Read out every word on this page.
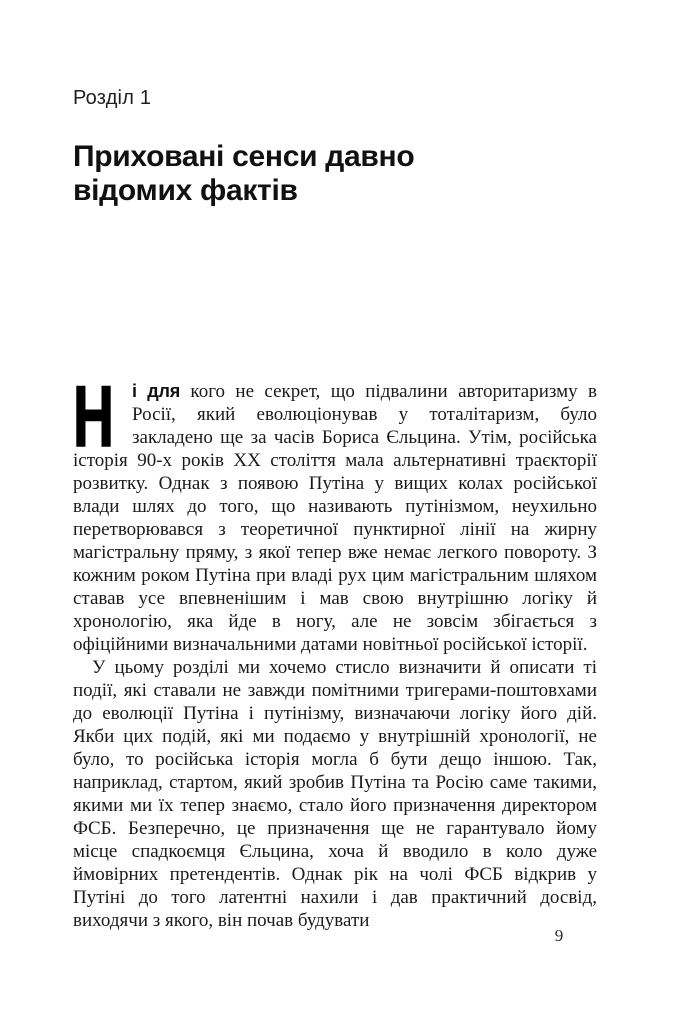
Розділ 1
Приховані сенси давно відомих фактів

Н і для кого не секрет, що підвалини авторитаризму в Росії, який еволюціонував у тоталітаризм, було закладено ще за часів Бориса Єльцина. Утім, російська історія 90-х років XX століття мала альтернативні траєкторії розвитку. Однак з появою Путіна у вищих колах російської влади шлях до того, що називають путінізмом, неухильно перетворювався з теоретичної пунктирної лінії на жирну магістральну пряму, з якої тепер вже немає легкого повороту. З кожним роком Путіна при владі рух цим магістральним шляхом ставав усе впевненішим і мав свою внутрішню логіку й хронологію, яка йде в ногу, але не зовсім збігається з офіційними визначальними датами новітньої російської історії.

У цьому розділі ми хочемо стисло визначити й описати ті події, які ставали не завжди помітними тригерами-поштовхами до еволюції Путіна і путінізму, визначаючи логіку його дій. Якби цих подій, які ми подаємо у внутрішній хронології, не було, то російська історія могла б бути дещо іншою. Так, наприклад, стартом, який зробив Путіна та Росію саме такими, якими ми їх тепер знаємо, стало його призначення директором ФСБ. Безперечно, це призначення ще не гарантувало йому місце спадкоємця Єльцина, хоча й вводило в коло дуже ймовірних претендентів. Однак рік на чолі ФСБ відкрив у Путіні до того латентні нахили і дав практичний досвід, виходячи з якого, він почав будувати

9
